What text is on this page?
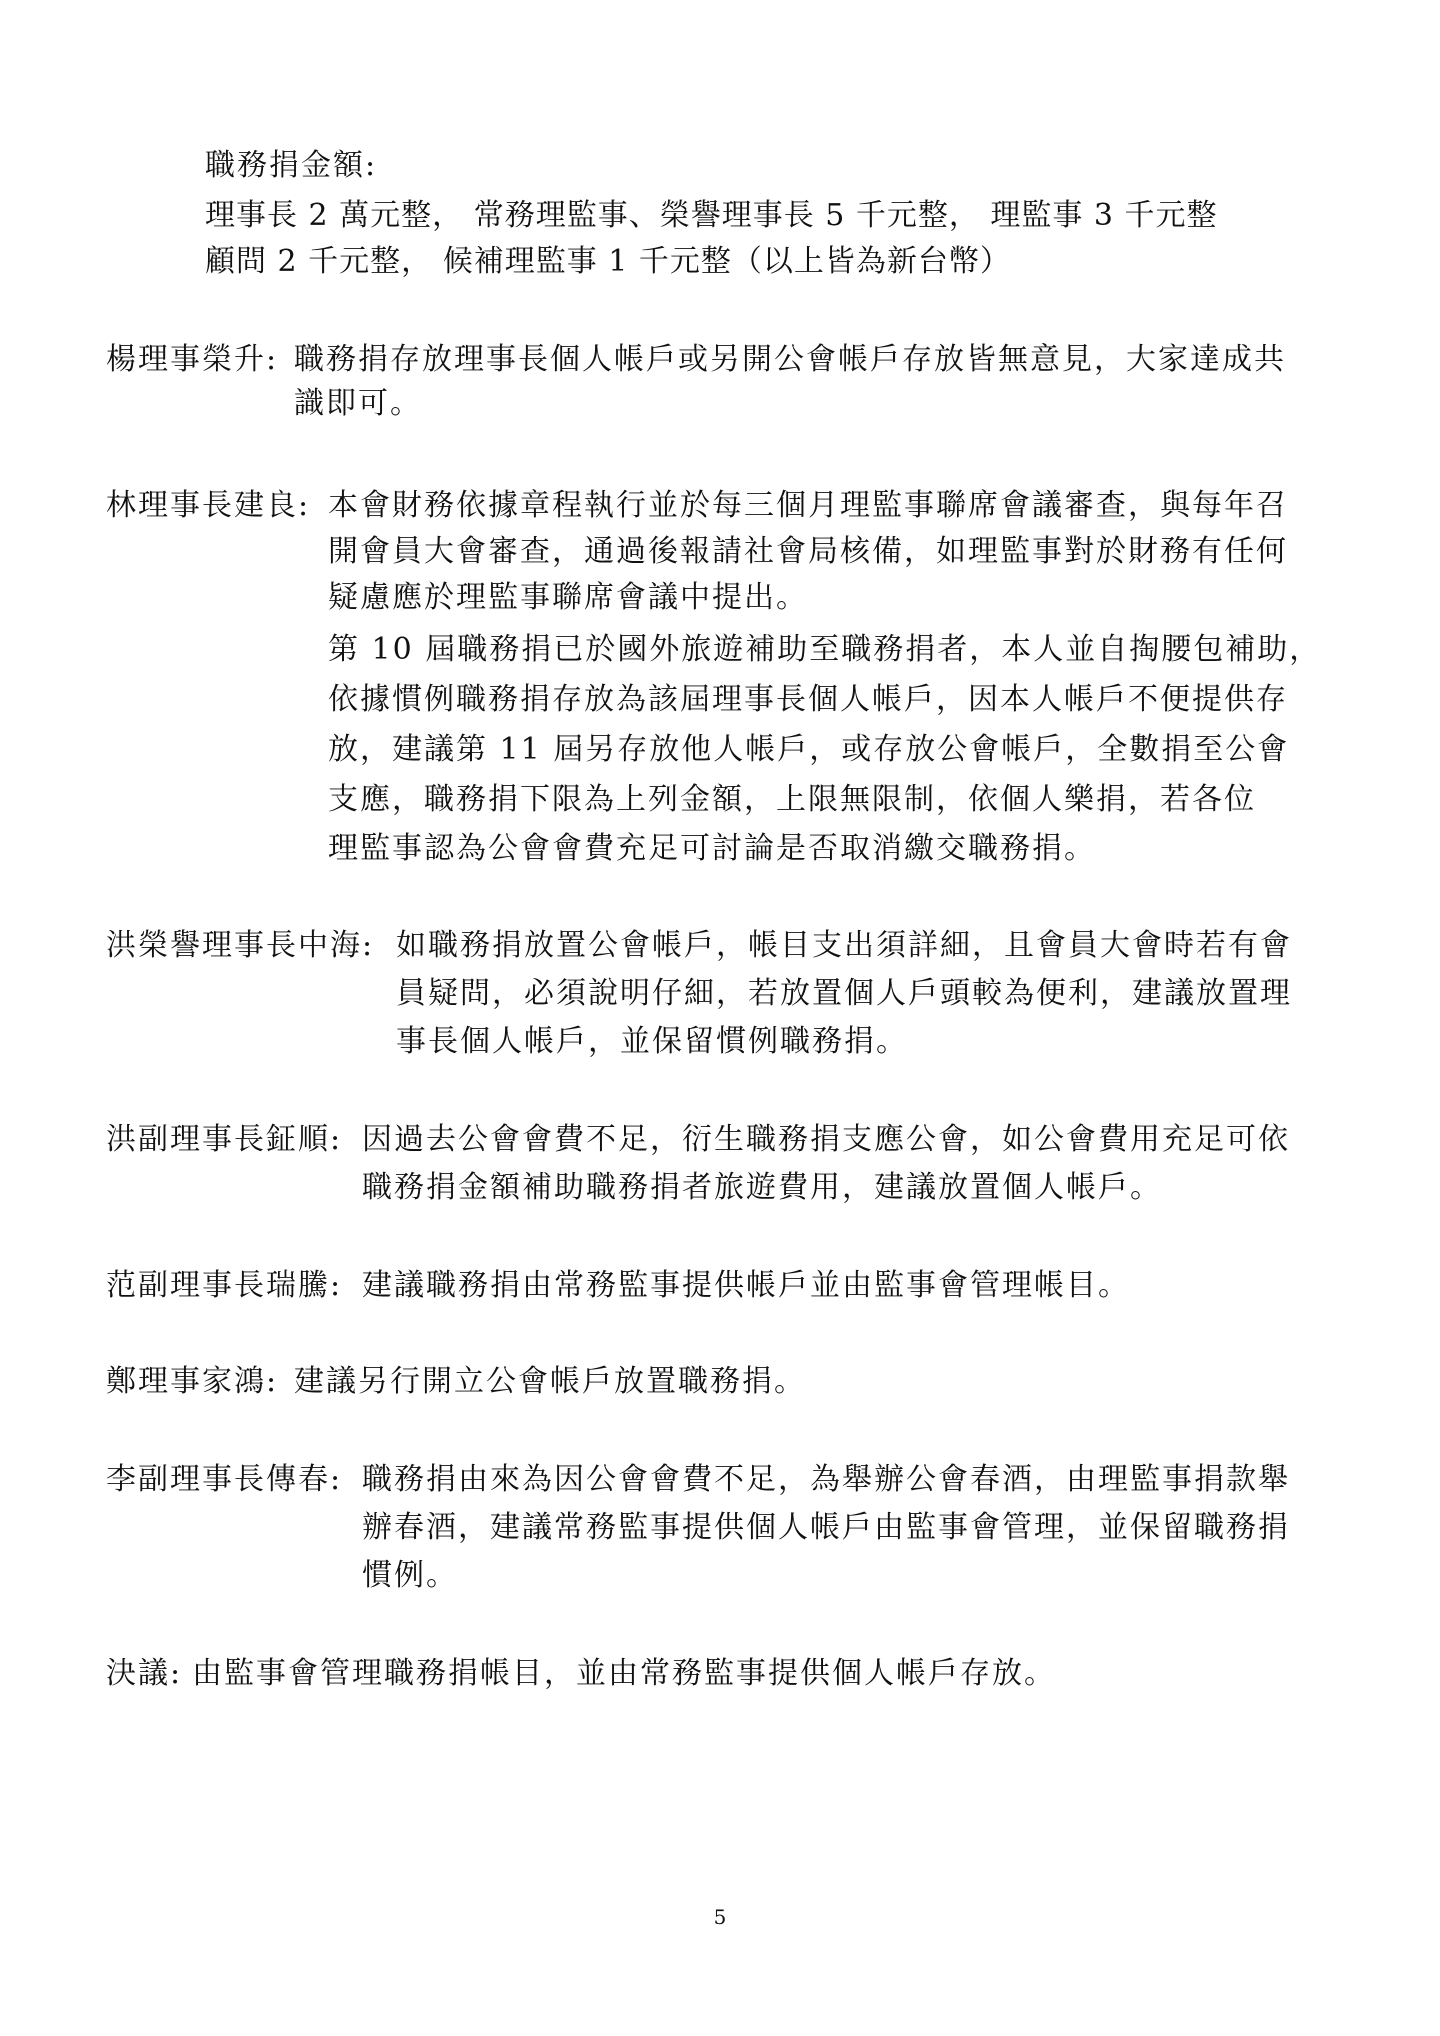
職務捐金額:
理事長 2 萬元整， 常務理監事、榮譽理事長 5 千元整， 理監事 3 千元整
顧問 2 千元整， 候補理監事 1 千元整（以上皆為新台幣）
楊理事榮升: 職務捐存放理事長個人帳戶或另開公會帳戶存放皆無意見，大家達成共
識即可。
林理事長建良: 本會財務依據章程執行並於每三個月理監事聯席會議審查，與每年召
開會員大會審查，通過後報請社會局核備，如理監事對於財務有任何
疑慮應於理監事聯席會議中提出。
第 10 屆職務捐已於國外旅遊補助至職務捐者，本人並自掏腰包補助，
依據慣例職務捐存放為該屆理事長個人帳戶，因本人帳戶不便提供存
放，建議第 11 屆另存放他人帳戶，或存放公會帳戶，全數捐至公會
支應，職務捐下限為上列金額，上限無限制，依個人樂捐，若各位
理監事認為公會會費充足可討論是否取消繳交職務捐。
洪榮譽理事長中海: 如職務捐放置公會帳戶，帳目支出須詳細，且會員大會時若有會
員疑問，必須說明仔細，若放置個人戶頭較為便利，建議放置理
事長個人帳戶，並保留慣例職務捐。
洪副理事長鉦順: 因過去公會會費不足，衍生職務捐支應公會，如公會費用充足可依
職務捐金額補助職務捐者旅遊費用，建議放置個人帳戶。
范副理事長瑞騰: 建議職務捐由常務監事提供帳戶並由監事會管理帳目。
鄭理事家鴻: 建議另行開立公會帳戶放置職務捐。
李副理事長傳春: 職務捐由來為因公會會費不足，為舉辦公會春酒，由理監事捐款舉
辦春酒，建議常務監事提供個人帳戶由監事會管理，並保留職務捐
慣例。
決議: 由監事會管理職務捐帳目，並由常務監事提供個人帳戶存放。
5
